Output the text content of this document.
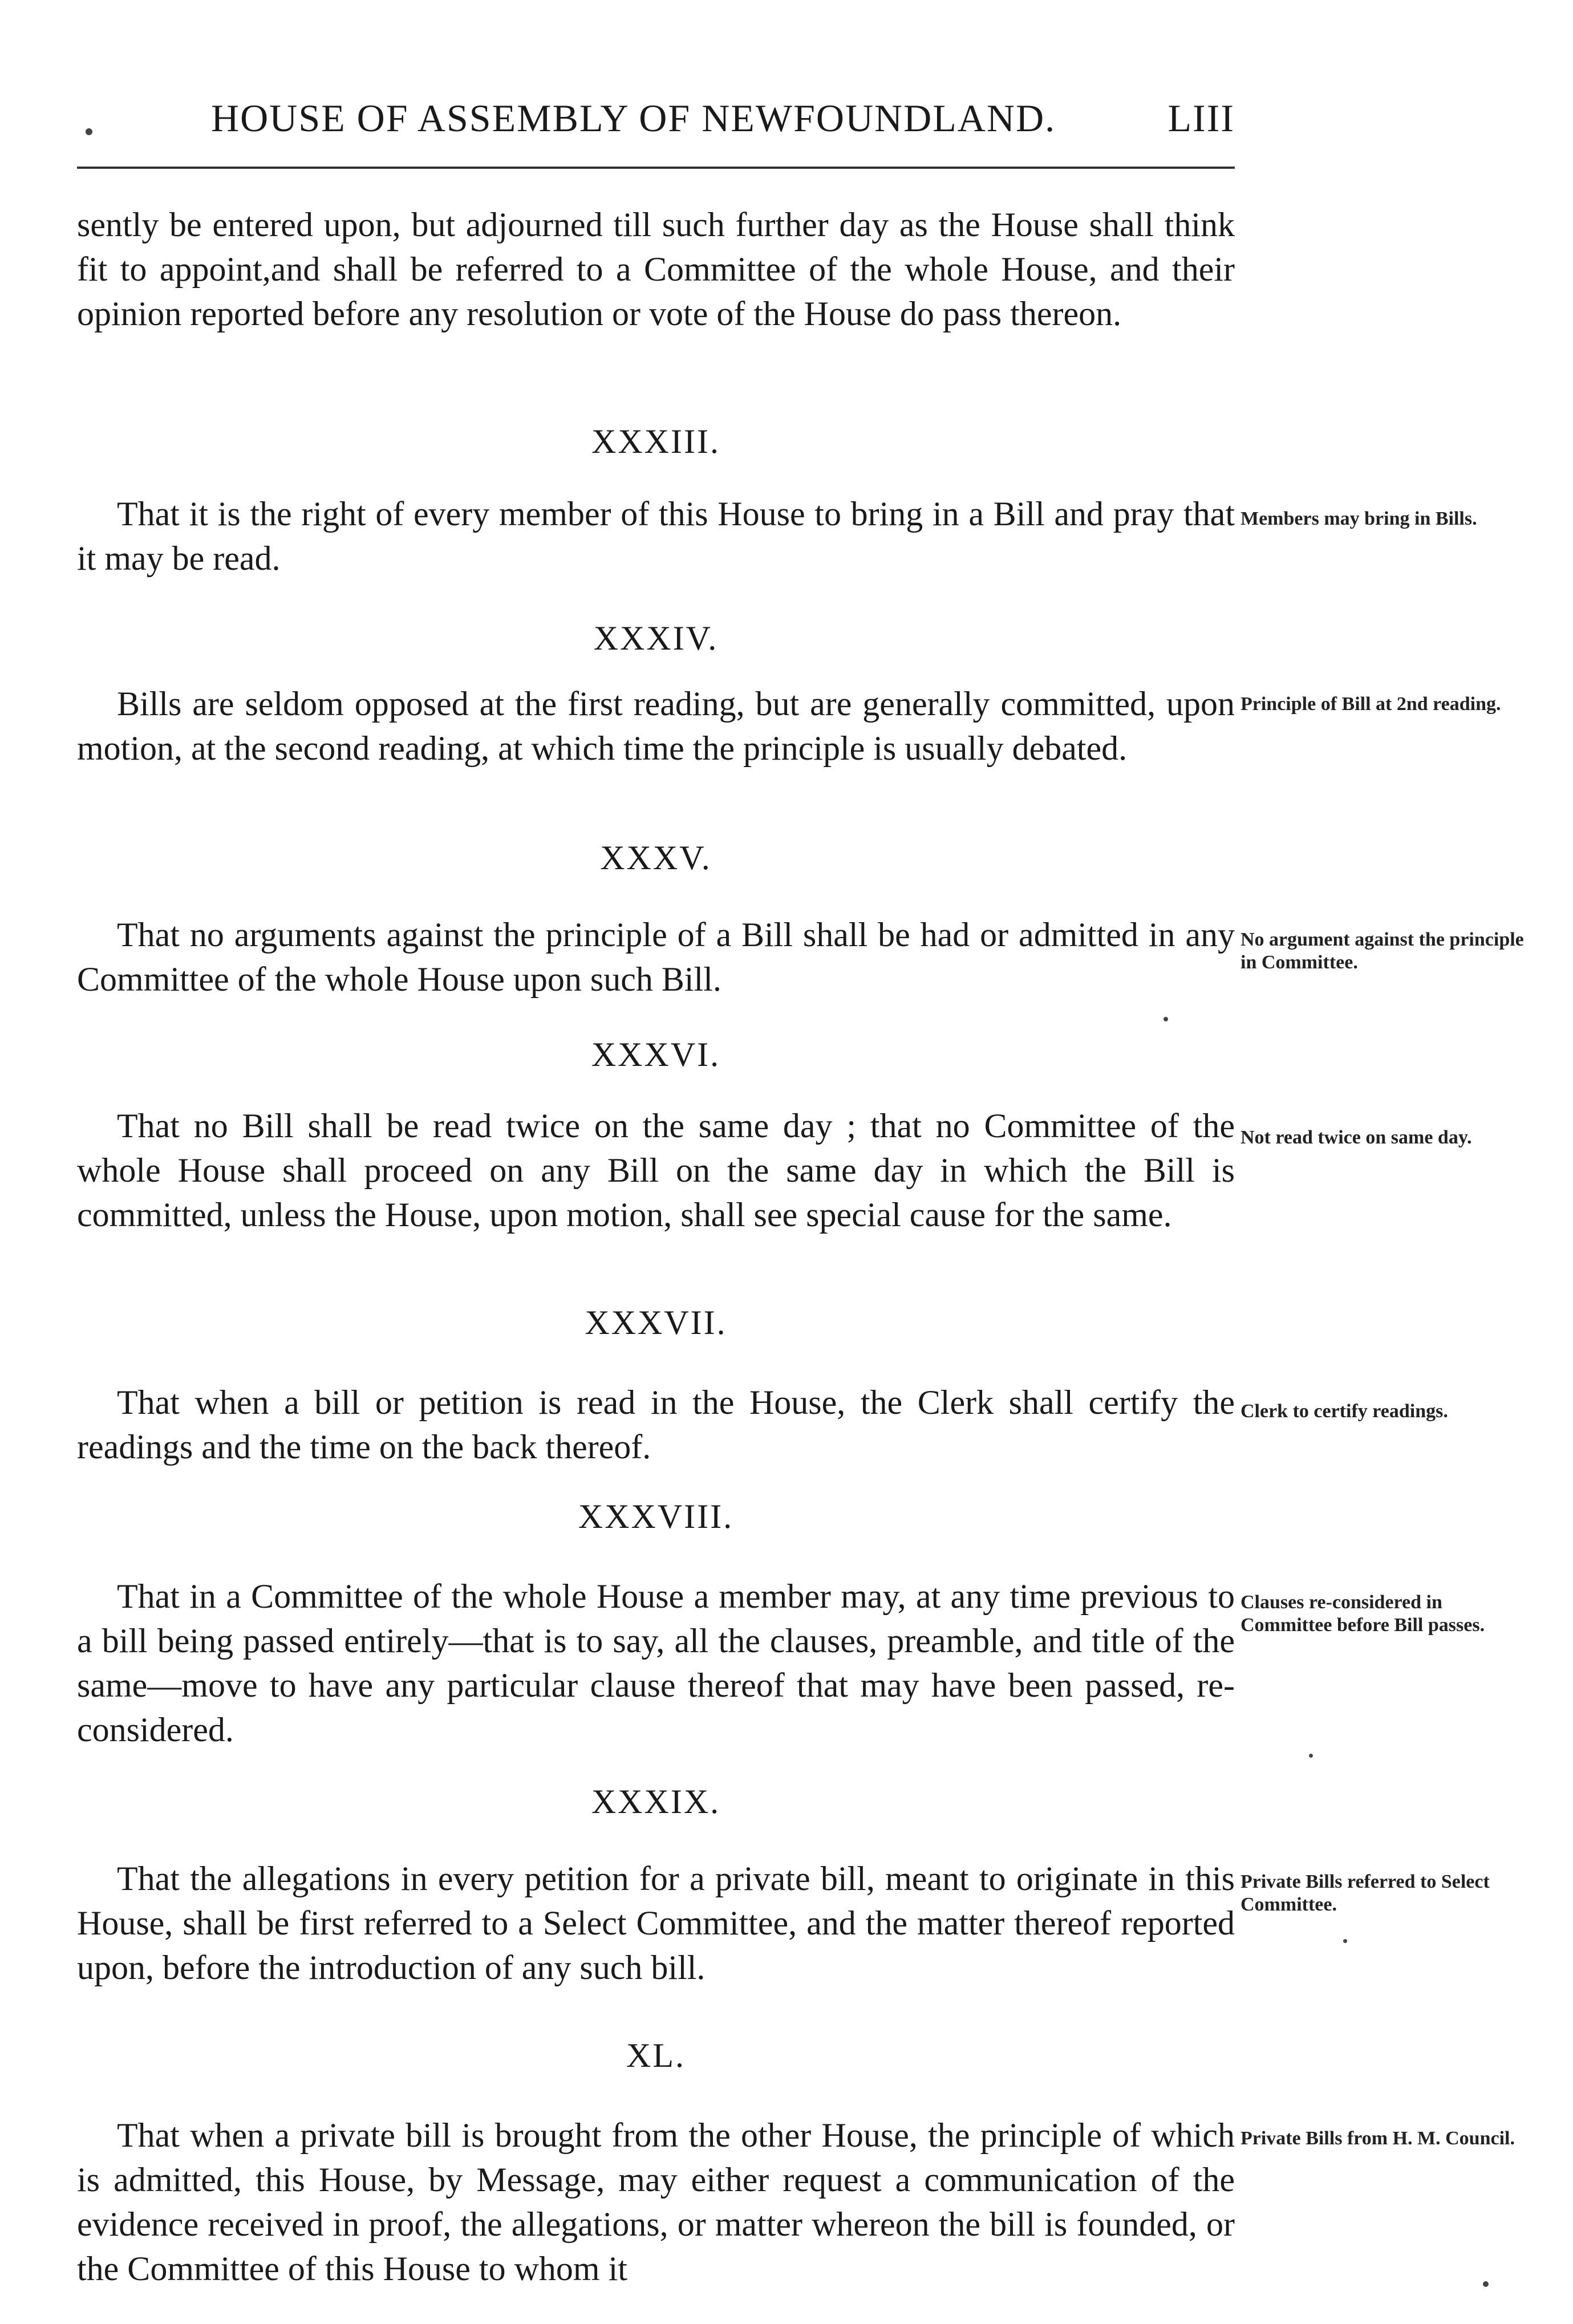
HOUSE OF ASSEMBLY OF NEWFOUNDLAND.	LIII

sently be entered upon, but adjourned till such further day as the House shall think fit to appoint,and shall be referred to a Committee of the whole House, and their opinion reported before any resolution or vote of the House do pass thereon.

XXXIII.

That it is the right of every member of this House to bring in a Bill and pray that it may be read.

Members may bring in Bills.
XXXIV.

Bills are seldom opposed at the first reading, but are generally committed, upon motion, at the second reading, at which time the principle is usually debated.

Principle of Bill at 2nd reading.
XXXV.

That no arguments against the principle of a Bill shall be had or admitted in any Committee of the whole House upon such Bill.

No argument against the principle in Committee.
XXXVI.

That no Bill shall be read twice on the same day ; that no Committee of the whole House shall proceed on any Bill on the same day in which the Bill is committed, unless the House, upon motion, shall see special cause for the same.

Not read twice on same day.
XXXVII.

That when a bill or petition is read in the House, the Clerk shall certify the readings and the time on the back thereof.

Clerk to certify readings.
XXXVIII.

That in a Committee of the whole House a member may, at any time previous to a bill being passed entirely—that is to say, all the clauses, preamble, and title of the same—move to have any particular clause thereof that may have been passed, re-considered.

Clauses re-considered in Committee before Bill passes.
XXXIX.

That the allegations in every petition for a private bill, meant to originate in this House, shall be first referred to a Select Committee, and the matter thereof reported upon, before the introduction of any such bill.

Private Bills referred to Select Committee.
XL.

That when a private bill is brought from the other House, the principle of which is admitted, this House, by Message, may either request a communication of the evidence received in proof, the allegations, or matter whereon the bill is founded, or the Committee of this House to whom it

Private Bills from H. M. Council.
